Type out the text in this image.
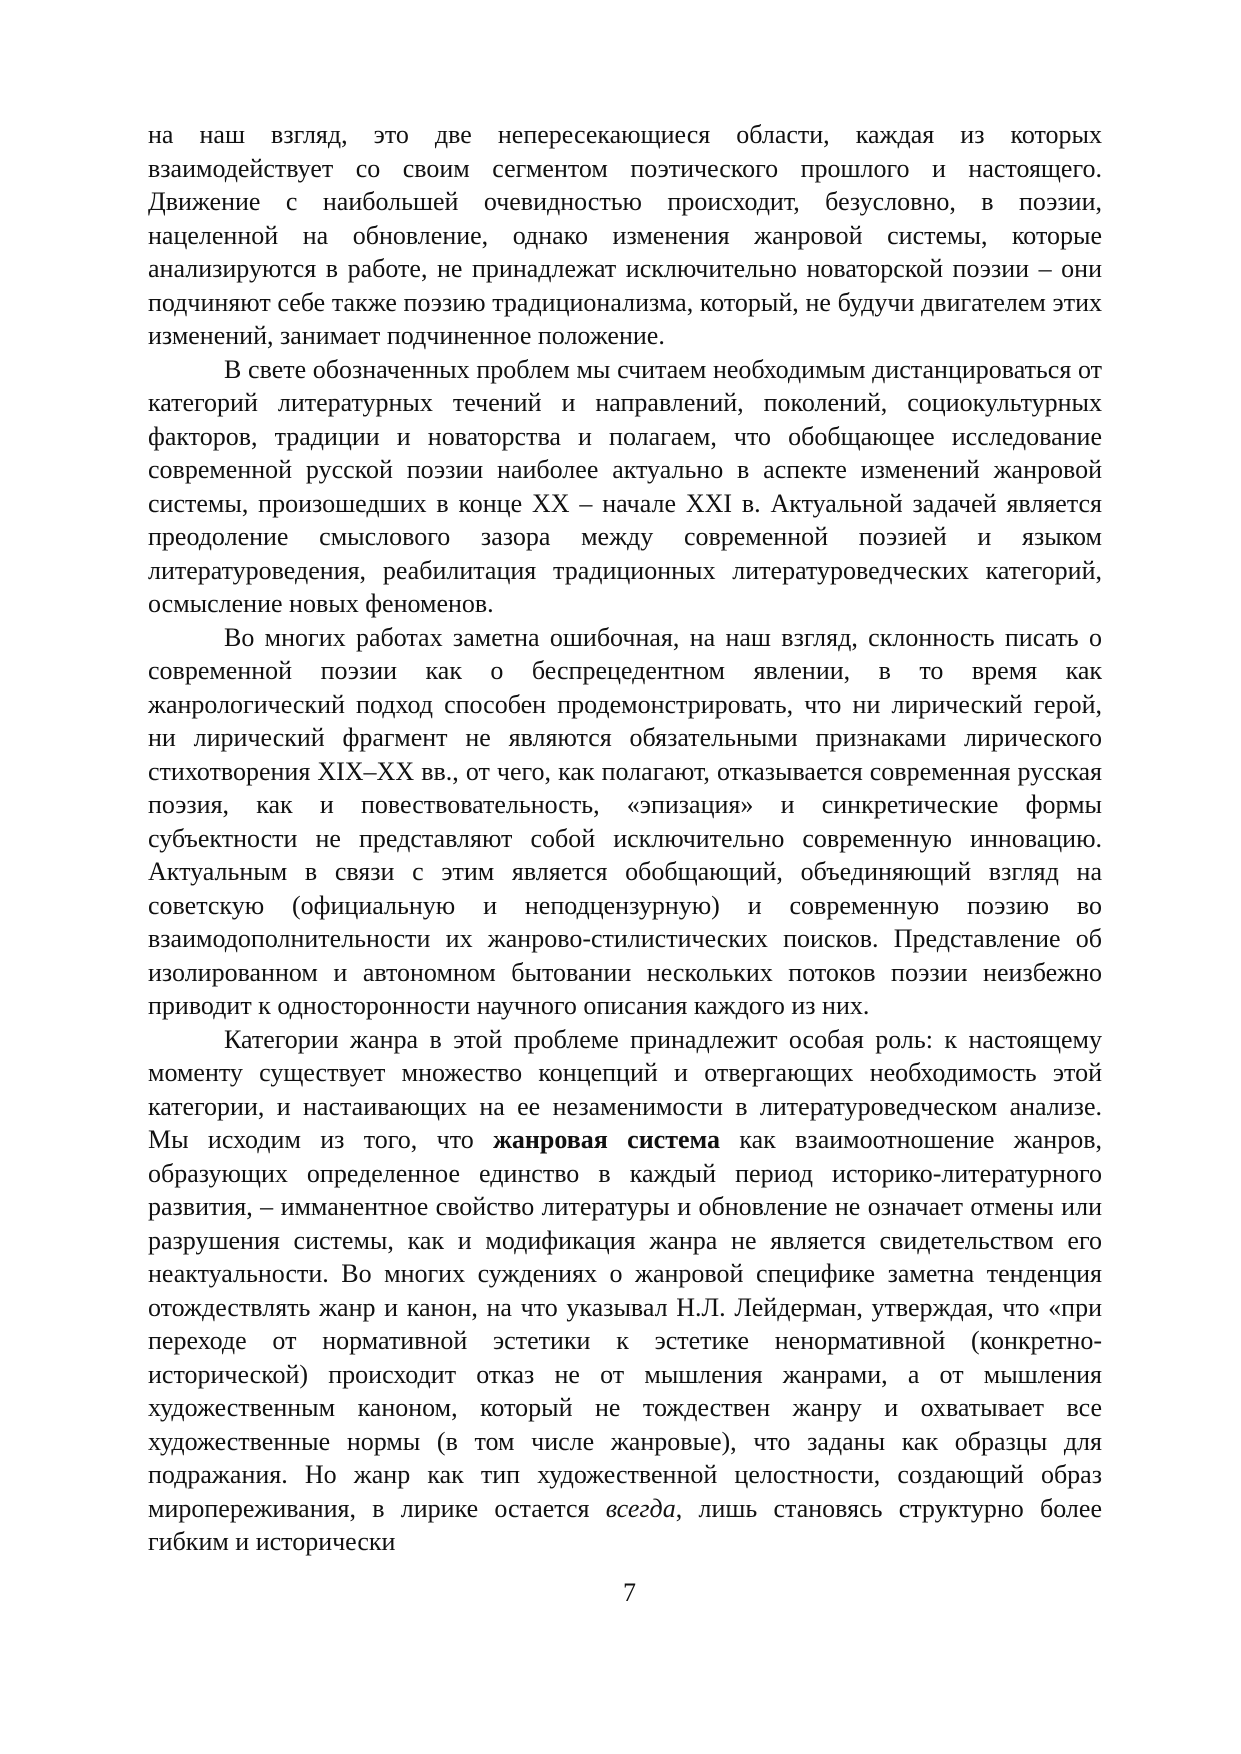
на наш взгляд, это две непересекающиеся области, каждая из которых взаимодействует со своим сегментом поэтического прошлого и настоящего. Движение с наибольшей очевидностью происходит, безусловно, в поэзии, нацеленной на обновление, однако изменения жанровой системы, которые анализируются в работе, не принадлежат исключительно новаторской поэзии – они подчиняют себе также поэзию традиционализма, который, не будучи двигателем этих изменений, занимает подчиненное положение.

В свете обозначенных проблем мы считаем необходимым дистанцироваться от категорий литературных течений и направлений, поколений, социокультурных факторов, традиции и новаторства и полагаем, что обобщающее исследование современной русской поэзии наиболее актуально в аспекте изменений жанровой системы, произошедших в конце XX – начале XXI в. Актуальной задачей является преодоление смыслового зазора между современной поэзией и языком литературоведения, реабилитация традиционных литературоведческих категорий, осмысление новых феноменов.

Во многих работах заметна ошибочная, на наш взгляд, склонность писать о современной поэзии как о беспрецедентном явлении, в то время как жанрологический подход способен продемонстрировать, что ни лирический герой, ни лирический фрагмент не являются обязательными признаками лирического стихотворения XIX–XX вв., от чего, как полагают, отказывается современная русская поэзия, как и повествовательность, «эпизация» и синкретические формы субъектности не представляют собой исключительно современную инновацию. Актуальным в связи с этим является обобщающий, объединяющий взгляд на советскую (официальную и неподцензурную) и современную поэзию во взаимодополнительности их жанрово-стилистических поисков. Представление об изолированном и автономном бытовании нескольких потоков поэзии неизбежно приводит к односторонности научного описания каждого из них.

Категории жанра в этой проблеме принадлежит особая роль: к настоящему моменту существует множество концепций и отвергающих необходимость этой категории, и настаивающих на ее незаменимости в литературоведческом анализе. Мы исходим из того, что жанровая система как взаимоотношение жанров, образующих определенное единство в каждый период историко-литературного развития, – имманентное свойство литературы и обновление не означает отмены или разрушения системы, как и модификация жанра не является свидетельством его неактуальности. Во многих суждениях о жанровой специфике заметна тенденция отождествлять жанр и канон, на что указывал Н.Л. Лейдерман, утверждая, что «при переходе от нормативной эстетики к эстетике ненормативной (конкретно-исторической) происходит отказ не от мышления жанрами, а от мышления художественным каноном, который не тождествен жанру и охватывает все художественные нормы (в том числе жанровые), что заданы как образцы для подражания. Но жанр как тип художественной целостности, создающий образ миропереживания, в лирике остается всегда, лишь становясь структурно более гибким и исторически

7
